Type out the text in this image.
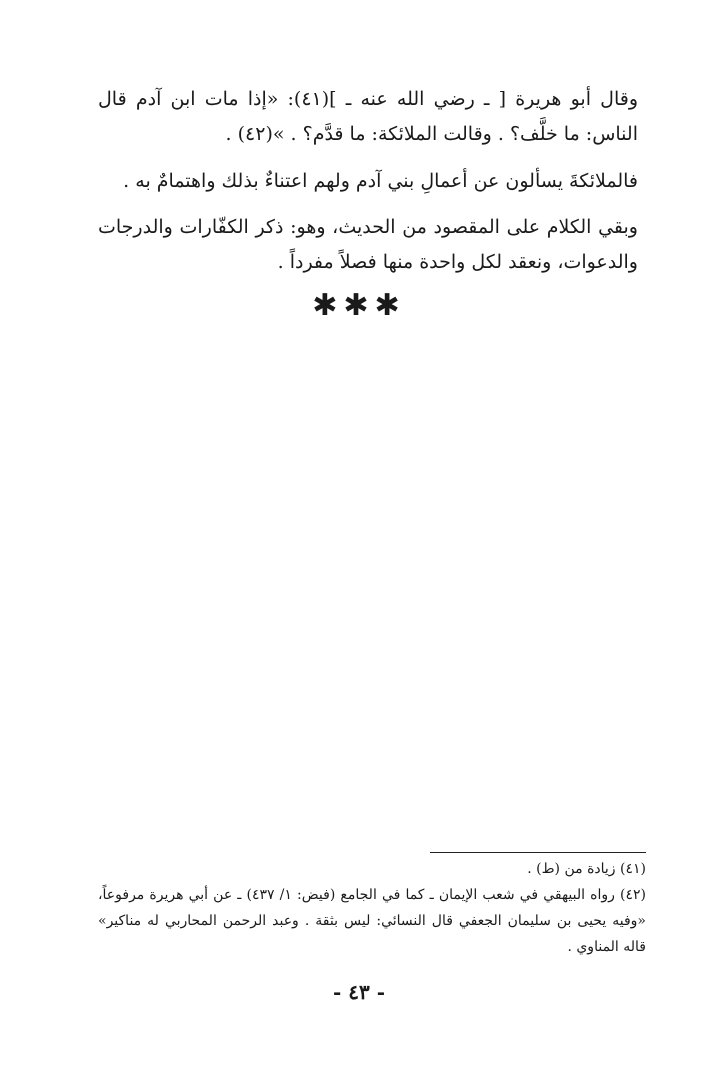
وقال أبو هريرة [ ـ رضي الله عنه ـ ](٤١): «إذا مات ابن آدم قال الناس: ما خلَّف؟ . وقالت الملائكة: ما قدَّم؟ . »(٤٢) .
فالملائكةَ يسألون عن أعمالِ بني آدم ولهم اعتناءٌ بذلك واهتمامٌ به .
وبقي الكلام على المقصود من الحديث، وهو: ذكر الكفّارات والدرجات والدعوات، ونعقد لكل واحدة منها فصلاً مفرداً .
✱✱✱

(٤١) زيادة من (ط) .

(٤٢) رواه البيهقي في شعب الإيمان ـ كما في الجامع (فيض: ١/ ٤٣٧) ـ عن أبي هريرة مرفوعاً، «وفيه يحيى بن سليمان الجعفي قال النسائي: ليس بثقة . وعبد الرحمن المحاربي له مناكير» قاله المناوي .

- ٤٣ -
